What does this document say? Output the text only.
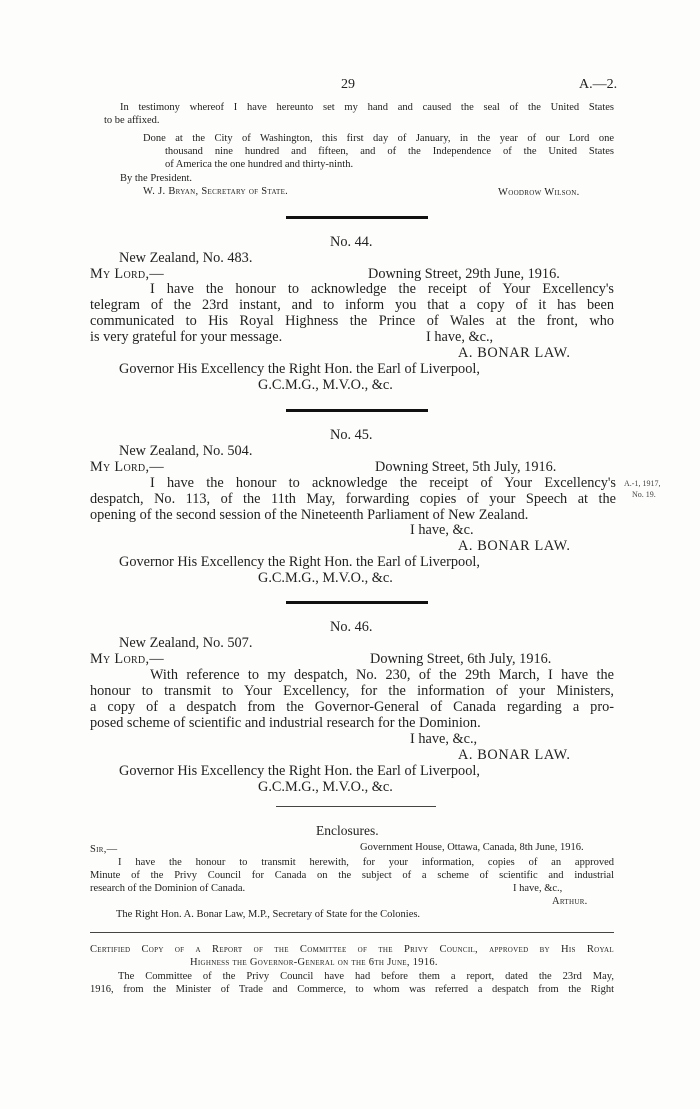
29	A.—2.
In testimony whereof I have hereunto set my hand and caused the seal of the United States
to be affixed.
Done at the City of Washington, this first day of January, in the year of our Lord one
thousand nine hundred and fifteen, and of the Independence of the United States
of America the one hundred and thirty-ninth.
By the President.
W. J. Bryan, Secretary of State.	Woodrow Wilson.
No. 44.
New Zealand, No. 483.
My Lord,—	Downing Street, 29th June, 1916.
I have the honour to acknowledge the receipt of Your Excellency's
telegram of the 23rd instant, and to inform you that a copy of it has been
communicated to His Royal Highness the Prince of Wales at the front, who
is very grateful for your message.	I have, &c.,
A. BONAR LAW.
Governor His Excellency the Right Hon. the Earl of Liverpool,
G.C.M.G., M.V.O., &c.
No. 45.
New Zealand, No. 504.
My Lord,—	Downing Street, 5th July, 1916.
I have the honour to acknowledge the receipt of Your Excellency's
despatch, No. 113, of the 11th May, forwarding copies of your Speech at the
opening of the second session of the Nineteenth Parliament of New Zealand.
A.-1, 1917,
No. 19.
I have, &c.
A. BONAR LAW.
Governor His Excellency the Right Hon. the Earl of Liverpool,
G.C.M.G., M.V.O., &c.
No. 46.
New Zealand, No. 507.
My Lord,—	Downing Street, 6th July, 1916.
With reference to my despatch, No. 230, of the 29th March, I have the
honour to transmit to Your Excellency, for the information of your Ministers,
a copy of a despatch from the Governor-General of Canada regarding a pro-
posed scheme of scientific and industrial research for the Dominion.
I have, &c.,
A. BONAR LAW.
Governor His Excellency the Right Hon. the Earl of Liverpool,
G.C.M.G., M.V.O., &c.
Enclosures.
Sir,—	Government House, Ottawa, Canada, 8th June, 1916.
I have the honour to transmit herewith, for your information, copies of an approved
Minute of the Privy Council for Canada on the subject of a scheme of scientific and industrial
research of the Dominion of Canada.	I have, &c.,
Arthur.
The Right Hon. A. Bonar Law, M.P., Secretary of State for the Colonies.
Certified Copy of a Report of the Committee of the Privy Council, approved by His Royal
Highness the Governor-General on the 6th June, 1916.
The Committee of the Privy Council have had before them a report, dated the 23rd May,
1916, from the Minister of Trade and Commerce, to whom was referred a despatch from the Right
